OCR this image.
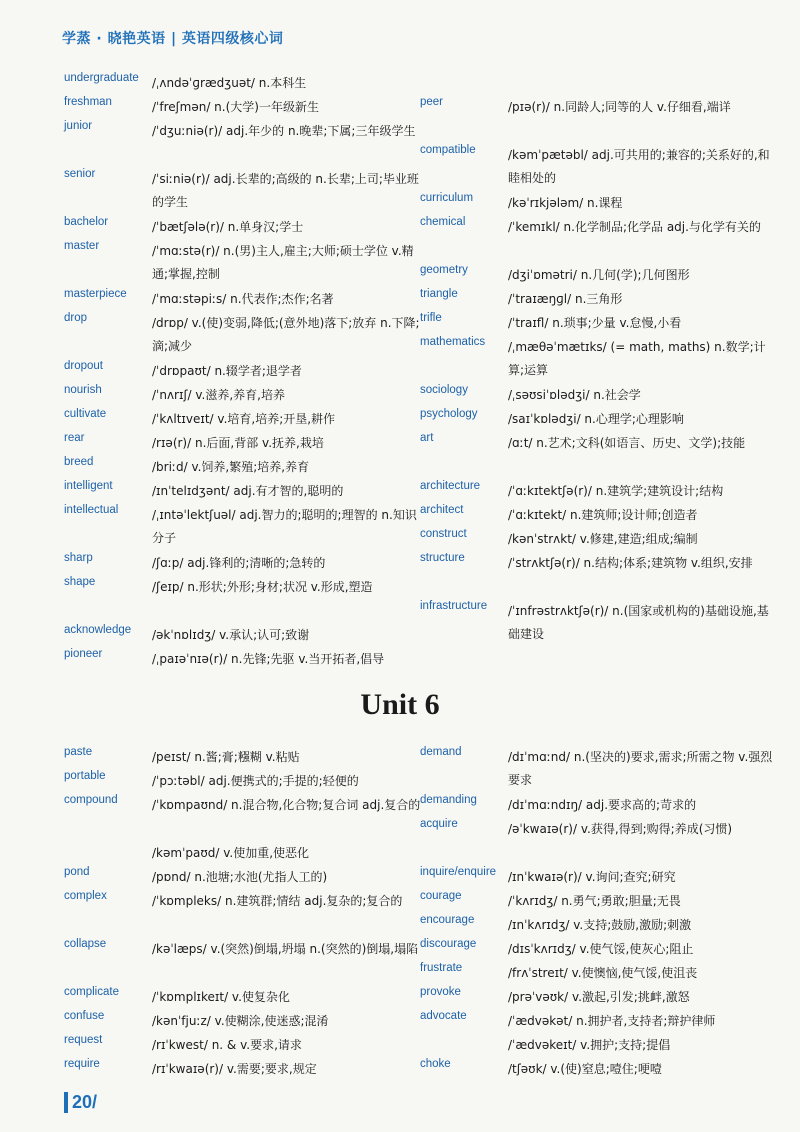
学蒸 · 晓艳英语 | 英语四级核心词
undergraduate	/ˌʌndəˈɡrædʒuət/ n.本科生
freshman	/ˈfreʃmən/ n.(大学)一年级新生
junior	/ˈdʒuːniə(r)/ adj.年少的 n.晚辈;下属;三年级学生
senior	/ˈsiːniə(r)/ adj.长辈的;高级的 n.长辈;上司;毕业班的学生
bachelor	/ˈbætʃələ(r)/ n.单身汉;学士
master	/ˈmɑːstə(r)/ n.(男)主人,雇主;大师;硕士学位 v.精通;掌握,控制
masterpiece	/ˈmɑːstəpiːs/ n.代表作;杰作;名著
drop	/drɒp/ v.(使)变弱,降低;(意外地)落下;放弃 n.下降;滴;减少
dropout	/ˈdrɒpaʊt/ n.辍学者;退学者
nourish	/ˈnʌrɪʃ/ v.滋养,养育,培养
cultivate	/ˈkʌltɪveɪt/ v.培育,培养;开垦,耕作
rear	/rɪə(r)/ n.后面,背部 v.抚养,栽培
breed	/briːd/ v.饲养,繁殖;培养,养育
intelligent	/ɪnˈtelɪdʒənt/ adj.有才智的,聪明的
intellectual	/ˌɪntəˈlektʃuəl/ adj.智力的;聪明的;理智的 n.知识分子
sharp	/ʃɑːp/ adj.锋利的;清晰的;急转的
shape	/ʃeɪp/ n.形状;外形;身材;状况 v.形成,塑造
acknowledge	/əkˈnɒlɪdʒ/ v.承认;认可;致谢
pioneer	/ˌpaɪəˈnɪə(r)/ n.先锋;先驱 v.当开拓者,倡导
peer	/pɪə(r)/ n.同龄人;同等的人 v.仔细看,端详
compatible	/kəmˈpætəbl/ adj.可共用的;兼容的;关系好的,和睦相处的
curriculum	/kəˈrɪkjələm/ n.课程
chemical	/ˈkemɪkl/ n.化学制品;化学品 adj.与化学有关的
geometry	/dʒiˈɒmətri/ n.几何(学);几何图形
triangle	/ˈtraɪæŋɡl/ n.三角形
trifle	/ˈtraɪfl/ n.琐事;少量 v.怠慢,小看
mathematics	/ˌmæθəˈmætɪks/ (= math, maths) n.数学;计算;运算
sociology	/ˌsəʊsiˈɒlədʒi/ n.社会学
psychology	/saɪˈkɒlədʒi/ n.心理学;心理影响
art	/ɑːt/ n.艺术;文科(如语言、历史、文学);技能
architecture	/ˈɑːkɪtektʃə(r)/ n.建筑学;建筑设计;结构
architect	/ˈɑːkɪtekt/ n.建筑师;设计师;创造者
construct	/kənˈstrʌkt/ v.修建,建造;组成;编制
structure	/ˈstrʌktʃə(r)/ n.结构;体系;建筑物 v.组织,安排
infrastructure	/ˈɪnfrəstrʌktʃə(r)/ n.(国家或机构的)基础设施,基础建设
Unit 6
paste	/peɪst/ n.酱;膏;糨糊 v.粘贴
portable	/ˈpɔːtəbl/ adj.便携式的;手提的;轻便的
compound	/ˈkɒmpaʊnd/ n.混合物,化合物;复合词 adj.复合的
/kəmˈpaʊd/ v.使加重,使恶化
pond	/pɒnd/ n.池塘;水池(尤指人工的)
complex	/ˈkɒmpleks/ n.建筑群;情结 adj.复杂的;复合的
collapse	/kəˈlæps/ v.(突然)倒塌,坍塌 n.(突然的)倒塌,塌陷
complicate	/ˈkɒmplɪkeɪt/ v.使复杂化
confuse	/kənˈfjuːz/ v.使糊涂,使迷惑;混淆
request	/rɪˈkwest/ n. & v.要求,请求
require	/rɪˈkwaɪə(r)/ v.需要;要求,规定
demand	/dɪˈmɑːnd/ n.(坚决的)要求,需求;所需之物 v.强烈要求
demanding	/dɪˈmɑːndɪŋ/ adj.要求高的;苛求的
acquire	/əˈkwaɪə(r)/ v.获得,得到;购得;养成(习惯)
inquire/enquire /ɪnˈkwaɪə(r)/ v.询问;查究;研究
courage	/ˈkʌrɪdʒ/ n.勇气;勇敢;胆量;无畏
encourage	/ɪnˈkʌrɪdʒ/ v.支持;鼓励,激励;刺激
discourage	/dɪsˈkʌrɪdʒ/ v.使气馁,使灰心;阻止
frustrate	/frʌˈstreɪt/ v.使懊恼,使气馁,使沮丧
provoke	/prəˈvəʊk/ v.激起,引发;挑衅,激怒
advocate	/ˈædvəkət/ n.拥护者,支持者;辩护律师
/ˈædvəkeɪt/ v.拥护;支持;提倡
choke	/tʃəʊk/ v.(使)窒息;噎住;哽噎
20/
